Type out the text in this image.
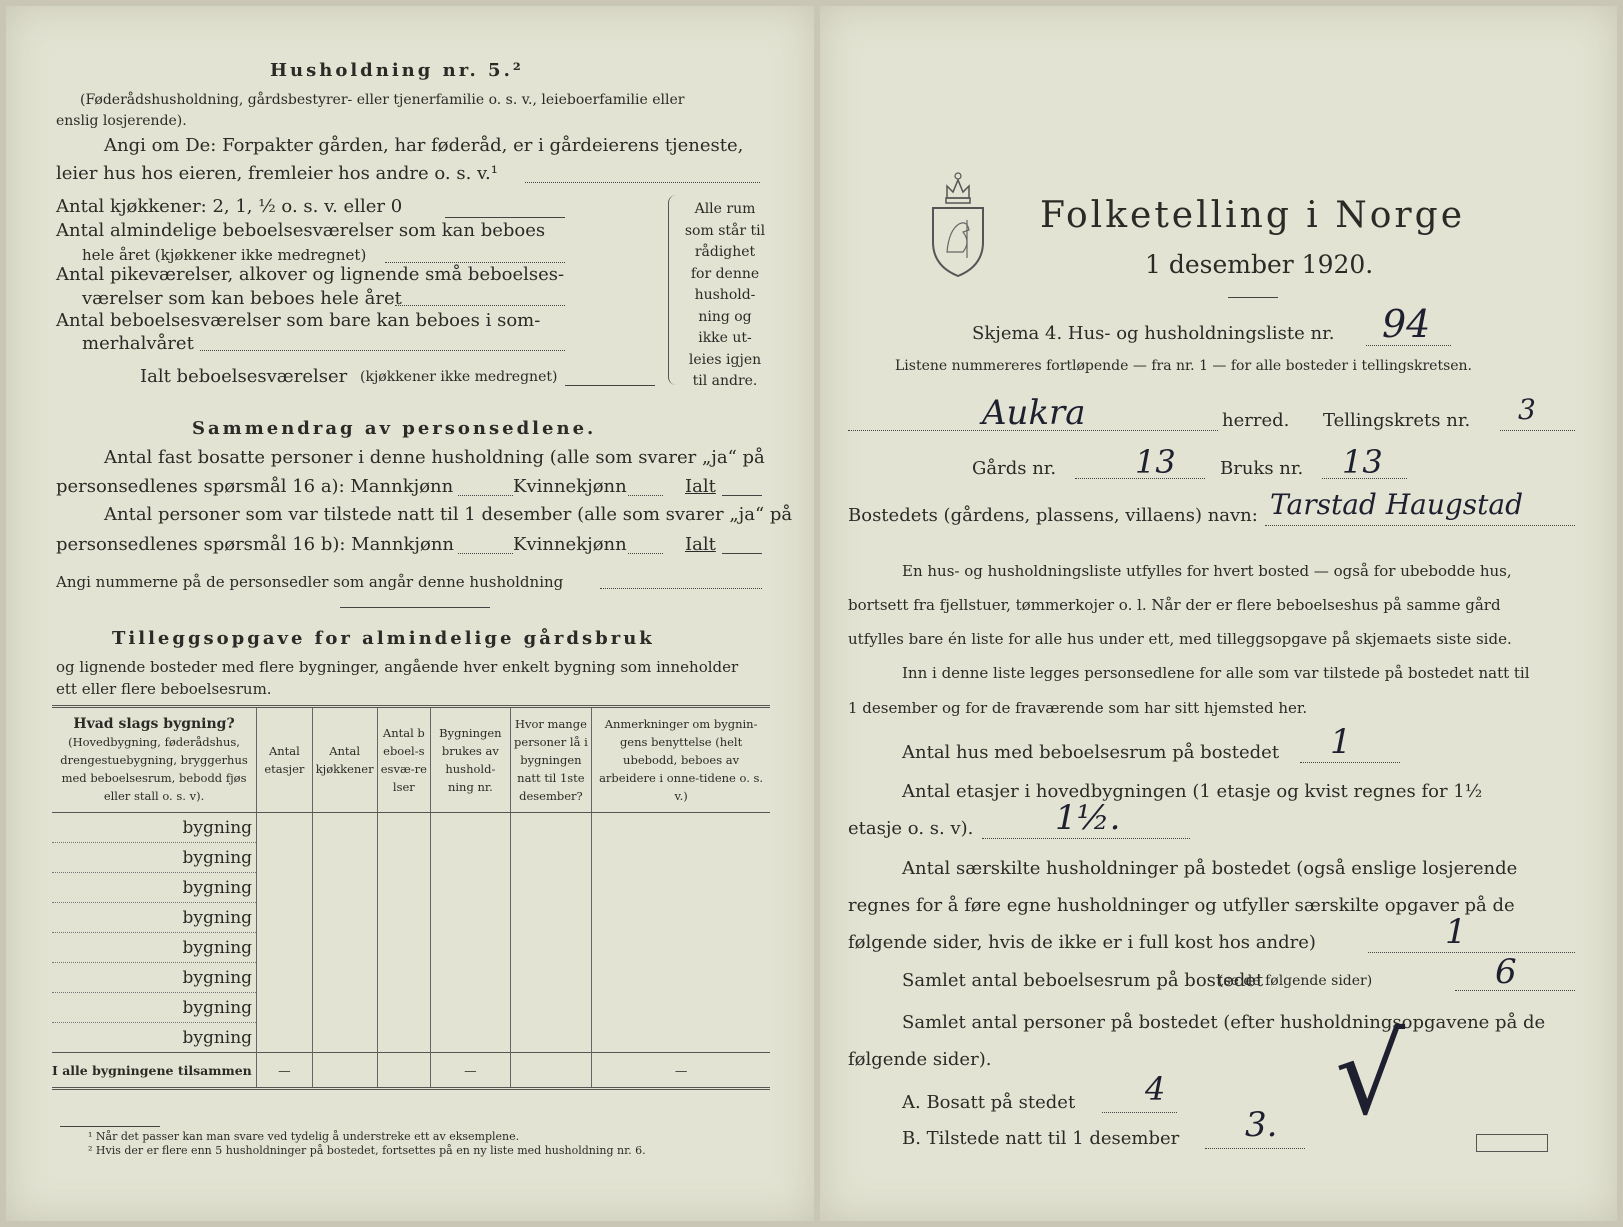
Husholdning nr. 5.²
(Føderådshusholdning, gårdsbestyrer- eller tjenerfamilie o. s. v., leieboerfamilie eller
enslig losjerende).
Angi om De: Forpakter gården, har føderåd, er i gårdeierens tjeneste,
leier hus hos eieren, fremleier hos andre o. s. v.¹
Antal kjøkkener: 2, 1, ½ o. s. v. eller 0
Antal almindelige beboelsesværelser som kan beboes
hele året (kjøkkener ikke medregnet)
Antal pikeværelser, alkover og lignende små beboelses-
værelser som kan beboes hele året
Antal beboelsesværelser som bare kan beboes i som-
merhalvåret
Ialt beboelsesværelser (kjøkkener ikke medregnet)
Alle rum
som står til
rådighet
for denne
hushold-
ning og
ikke ut-
leies igjen
til andre.
Sammendrag av personsedlene.
Antal fast bosatte personer i denne husholdning (alle som svarer „ja“ på
personsedlenes spørsmål 16 a): Mannkjønn	Kvinnekjønn	Ialt
Antal personer som var tilstede natt til 1 desember (alle som svarer „ja“ på
personsedlenes spørsmål 16 b): Mannkjønn	Kvinnekjønn	Ialt
Angi nummerne på de personsedler som angår denne husholdning
Tilleggsopgave for almindelige gårdsbruk
og lignende bosteder med flere bygninger, angående hver enkelt bygning som inneholder
ett eller flere beboelsesrum.
Hvad slags bygning?
(Hovedbygning, føderådshus, drengestuebygning, bryggerhus med beboelsesrum, bebodd fjøs eller stall o. s. v).	Antal etasjer	Antal kjøkkener	Antal beboel-sesvæ-relser	Bygningen brukes av hushold-ning nr.	Hvor mange personer lå i bygningen natt til 1ste desember?	Anmerkninger om bygnin-gens benyttelse (helt ubebodd, beboes av arbeidere i onne-tidene o. s. v.)
bygning						
bygning						
bygning						
bygning						
bygning						
bygning						
bygning						
bygning						
I alle bygningene tilsammen	—			—		—
¹ Når det passer kan man svare ved tydelig å understreke ett av eksemplene.
² Hvis der er flere enn 5 husholdninger på bostedet, fortsettes på en ny liste med husholdning nr. 6.
Folketelling i Norge
1 desember 1920.
Skjema 4. Hus- og husholdningsliste nr. 94
Listene nummereres fortløpende — fra nr. 1 — for alle bosteder i tellingskretsen.
Aukra	herred. Tellingskrets nr. 3
Gårds nr. 13 Bruks nr. 13
Bostedets (gårdens, plassens, villaens) navn: Tarstad Haugstad
En hus- og husholdningsliste utfylles for hvert bosted — også for ubebodde hus,
bortsett fra fjellstuer, tømmerkojer o. l. Når der er flere beboelseshus på samme gård
utfylles bare én liste for alle hus under ett, med tilleggsopgave på skjemaets siste side.
Inn i denne liste legges personsedlene for alle som var tilstede på bostedet natt til
1 desember og for de fraværende som har sitt hjemsted her.
Antal hus med beboelsesrum på bostedet 1
Antal etasjer i hovedbygningen (1 etasje og kvist regnes for 1½
etasje o. s. v). 1½.
Antal særskilte husholdninger på bostedet (også enslige losjerende
regnes for å føre egne husholdninger og utfyller særskilte opgaver på de
følgende sider, hvis de ikke er i full kost hos andre)	1
Samlet antal beboelsesrum på bostedet
(se de følgende sider)	6
Samlet antal personer på bostedet (efter husholdningsopgavene på de
følgende sider).
A. Bosatt på stedet 4
B. Tilstede natt til 1 desember 3. √
